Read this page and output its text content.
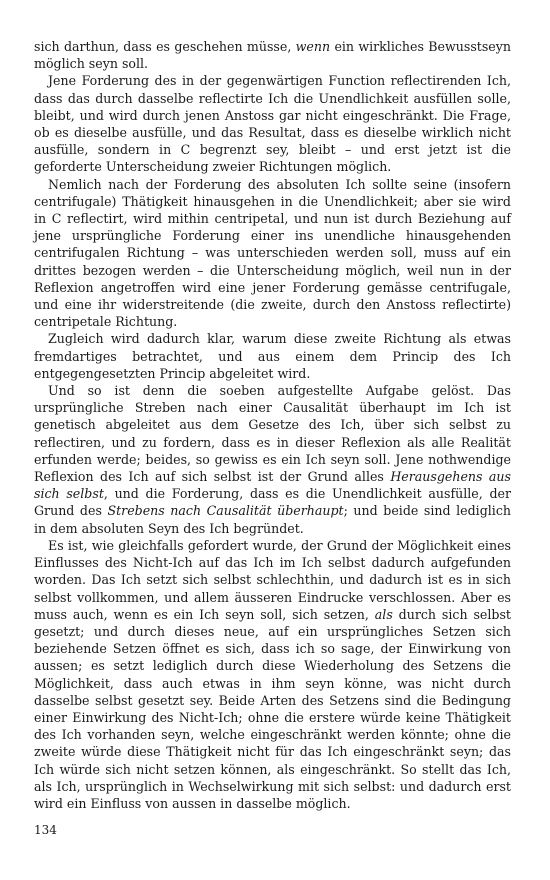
sich darthun, dass es geschehen müsse, wenn ein wirkliches Bewusstseyn möglich seyn soll.

Jene Forderung des in der gegenwärtigen Function reflectirenden Ich, dass das durch dasselbe reflectirte Ich die Unendlichkeit ausfüllen solle, bleibt, und wird durch jenen Anstoss gar nicht eingeschränkt. Die Frage, ob es dieselbe ausfülle, und das Resultat, dass es dieselbe wirklich nicht ausfülle, sondern in C begrenzt sey, bleibt – und erst jetzt ist die geforderte Unterscheidung zweier Richtungen möglich.

Nemlich nach der Forderung des absoluten Ich sollte seine (insofern centrifugale) Thätigkeit hinausgehen in die Unendlichkeit; aber sie wird in C reflectirt, wird mithin centripetal, und nun ist durch Beziehung auf jene ursprüngliche Forderung einer ins unendliche hinausgehenden centrifugalen Richtung – was unterschieden werden soll, muss auf ein drittes bezogen werden – die Unterscheidung möglich, weil nun in der Reflexion angetroffen wird eine jener Forderung gemässe centrifugale, und eine ihr widerstreitende (die zweite, durch den Anstoss reflectirte) centripetale Richtung.

Zugleich wird dadurch klar, warum diese zweite Richtung als etwas fremdartiges betrachtet, und aus einem dem Princip des Ich entgegengesetzten Princip abgeleitet wird.

Und so ist denn die soeben aufgestellte Aufgabe gelöst. Das ursprüngliche Streben nach einer Causalität überhaupt im Ich ist genetisch abgeleitet aus dem Gesetze des Ich, über sich selbst zu reflectiren, und zu fordern, dass es in dieser Reflexion als alle Realität erfunden werde; beides, so gewiss es ein Ich seyn soll. Jene nothwendige Reflexion des Ich auf sich selbst ist der Grund alles Herausgehens aus sich selbst, und die Forderung, dass es die Unendlichkeit ausfülle, der Grund des Strebens nach Causalität überhaupt; und beide sind lediglich in dem absoluten Seyn des Ich begründet.

Es ist, wie gleichfalls gefordert wurde, der Grund der Möglichkeit eines Einflusses des Nicht-Ich auf das Ich im Ich selbst dadurch aufgefunden worden. Das Ich setzt sich selbst schlechthin, und dadurch ist es in sich selbst vollkommen, und allem äusseren Eindrucke verschlossen. Aber es muss auch, wenn es ein Ich seyn soll, sich setzen, als durch sich selbst gesetzt; und durch dieses neue, auf ein ursprüngliches Setzen sich beziehende Setzen öffnet es sich, dass ich so sage, der Einwirkung von aussen; es setzt lediglich durch diese Wiederholung des Setzens die Möglichkeit, dass auch etwas in ihm seyn könne, was nicht durch dasselbe selbst gesetzt sey. Beide Arten des Setzens sind die Bedingung einer Einwirkung des Nicht-Ich; ohne die erstere würde keine Thätigkeit des Ich vorhanden seyn, welche eingeschränkt werden könnte; ohne die zweite würde diese Thätigkeit nicht für das Ich eingeschränkt seyn; das Ich würde sich nicht setzen können, als eingeschränkt. So stellt das Ich, als Ich, ursprünglich in Wechselwirkung mit sich selbst: und dadurch erst wird ein Einfluss von aussen in dasselbe möglich.

134
